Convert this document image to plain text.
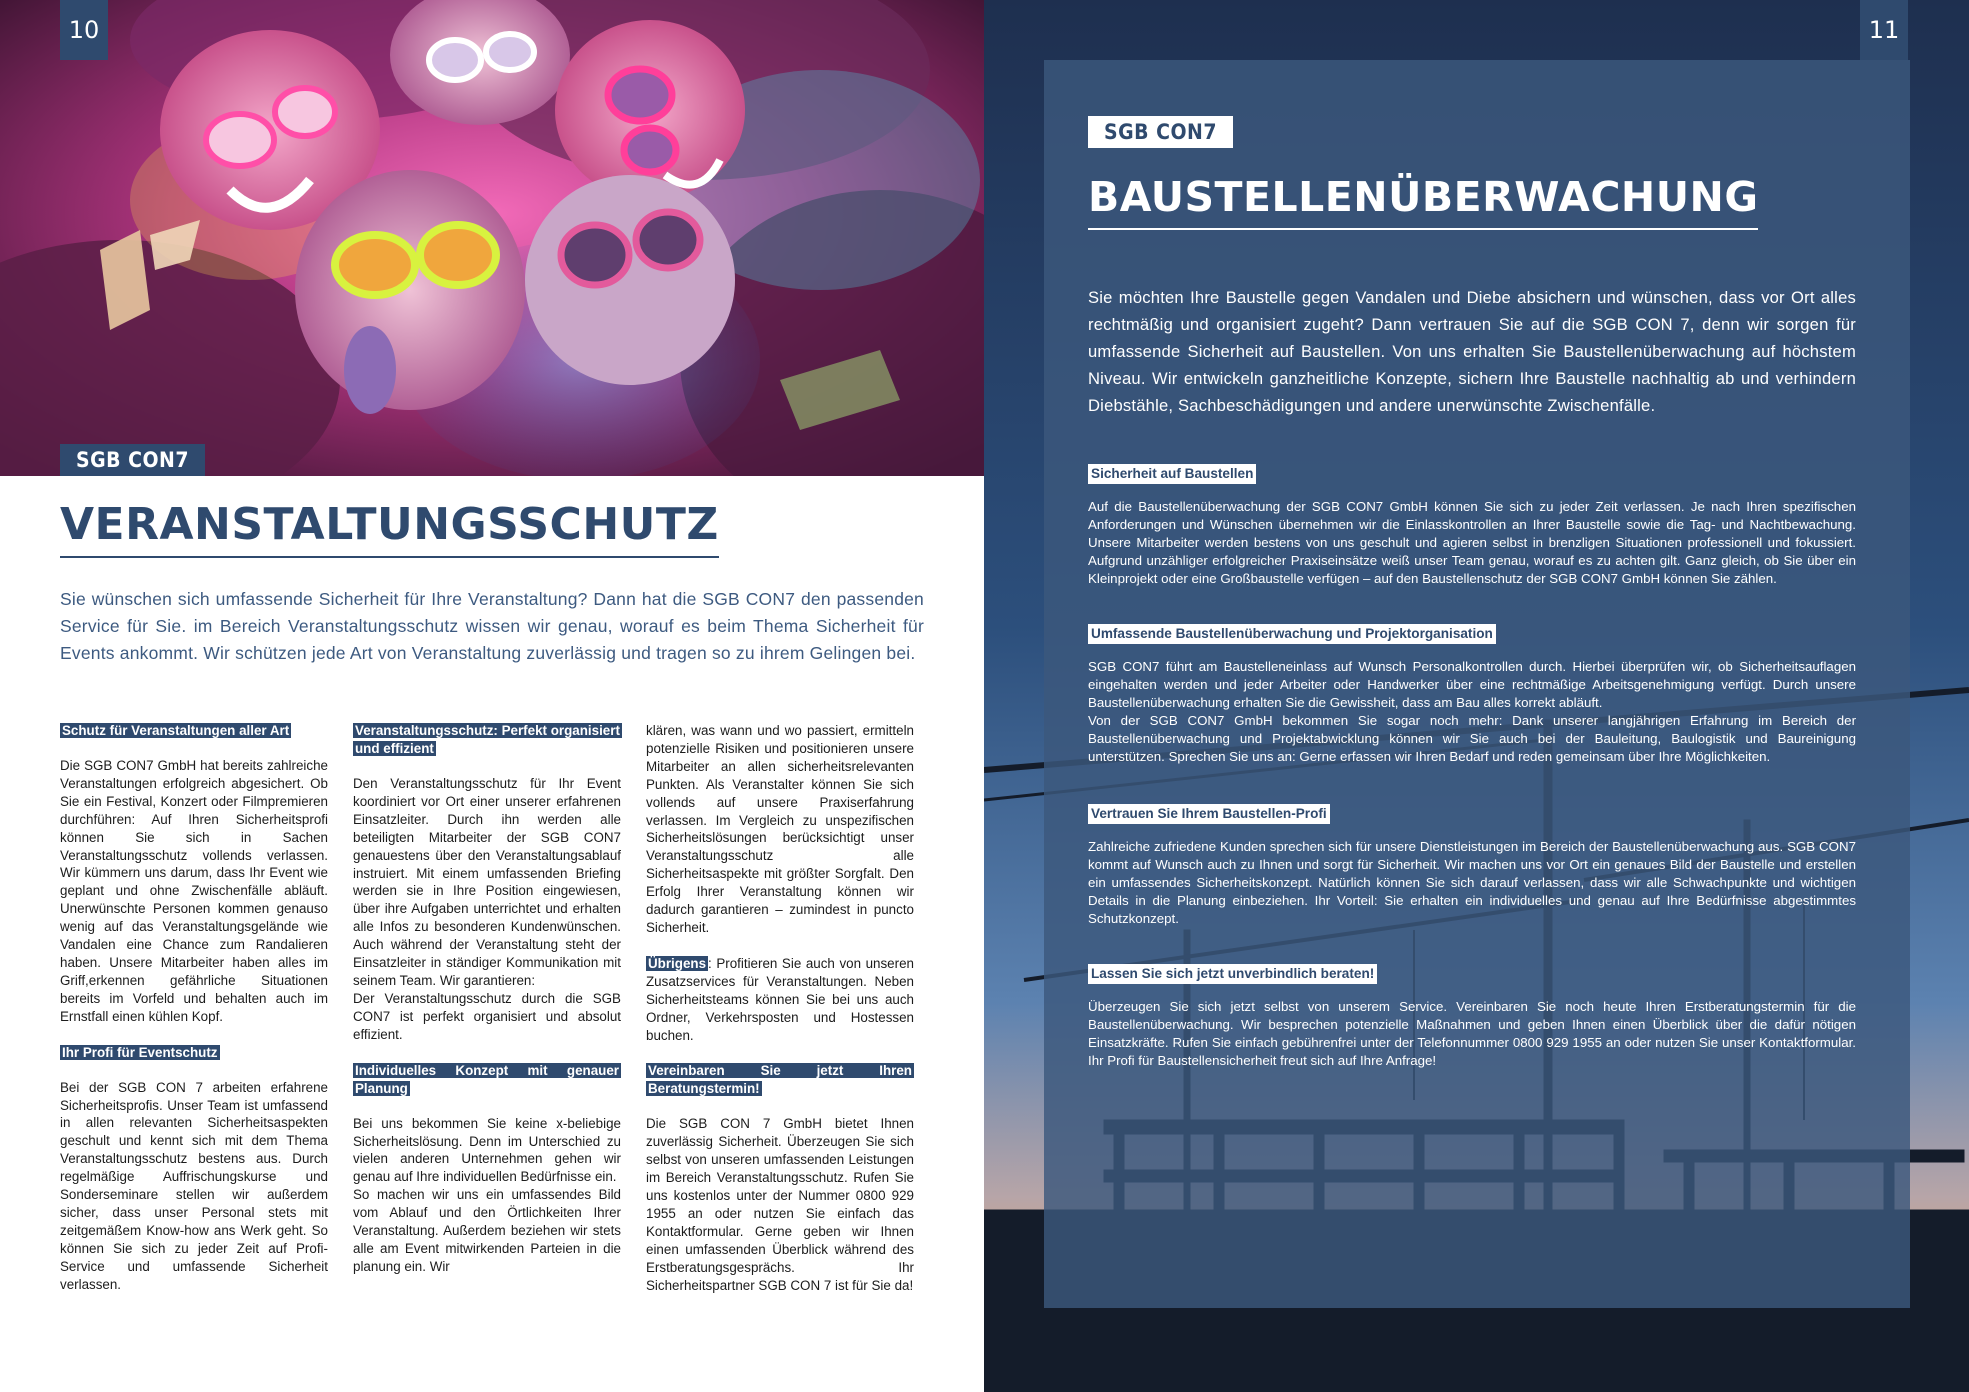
10
SGB CON7
VERANSTALTUNGSSCHUTZ

Sie wünschen sich umfassende Sicherheit für Ihre Veranstaltung? Dann hat die SGB CON7 den passenden Service für Sie. im Bereich Veranstaltungsschutz wissen wir genau, worauf es beim Thema Sicherheit für Events ankommt. Wir schützen jede Art von Veranstaltung zuverlässig und tragen so zu ihrem Gelingen bei.

Schutz für Veranstaltungen aller Art

Die SGB CON7 GmbH hat bereits zahlreiche Veranstaltungen erfolgreich abgesichert. Ob Sie ein Festival, Konzert oder Filmpremieren durchführen: Auf Ihren Sicherheitsprofi können Sie sich in Sachen Veranstaltungsschutz vollends verlassen. Wir kümmern uns darum, dass Ihr Event wie geplant und ohne Zwischenfälle abläuft. Unerwünschte Personen kommen genauso wenig auf das Veranstaltungsgelände wie Vandalen eine Chance zum Randalieren haben. Unsere Mitarbeiter haben alles im Griff,erkennen gefährliche Situationen bereits im Vorfeld und behalten auch im Ernstfall einen kühlen Kopf.

Ihr Profi für Eventschutz

Bei der SGB CON 7 arbeiten erfahrene Sicherheitsprofis. Unser Team ist umfassend in allen relevanten Sicherheitsaspekten geschult und kennt sich mit dem Thema Veranstaltungsschutz bestens aus. Durch regelmäßige Auffrischungskurse und Sonderseminare stellen wir außerdem sicher, dass unser Personal stets mit zeitgemäßem Know-how ans Werk geht. So können Sie sich zu jeder Zeit auf Profi-Service und umfassende Sicherheit verlassen.

Veranstaltungsschutz: Perfekt organisiert und effizient

Den Veranstaltungsschutz für Ihr Event koordiniert vor Ort einer unserer erfahrenen Einsatzleiter. Durch ihn werden alle beteiligten Mitarbeiter der SGB CON7 genauestens über den Veranstaltungsablauf instruiert. Mit einem umfassenden Briefing werden sie in Ihre Position eingewiesen, über ihre Aufgaben unterrichtet und erhalten alle Infos zu besonderen Kundenwünschen. Auch während der Veranstaltung steht der Einsatzleiter in ständiger Kommunikation mit seinem Team. Wir garantieren:

Der Veranstaltungsschutz durch die SGB CON7 ist perfekt organisiert und absolut effizient.

Individuelles Konzept mit genauer Planung

Bei uns bekommen Sie keine x-beliebige Sicherheitslösung. Denn im Unterschied zu vielen anderen Unternehmen gehen wir genau auf Ihre individuellen Bedürfnisse ein.

So machen wir uns ein umfassendes Bild vom Ablauf und den Örtlichkeiten Ihrer Veranstaltung. Außerdem beziehen wir stets alle am Event mitwirkenden Parteien in die planung ein. Wir

klären, was wann und wo passiert, ermitteln potenzielle Risiken und positionieren unsere Mitarbeiter an allen sicherheitsrelevanten Punkten. Als Veranstalter können Sie sich vollends auf unsere Praxiserfahrung verlassen. Im Vergleich zu unspezifischen Sicherheitslösungen berücksichtigt unser Veranstaltungsschutz alle Sicherheitsaspekte mit größter Sorgfalt. Den Erfolg Ihrer Veranstaltung können wir dadurch garantieren – zumindest in puncto Sicherheit.

Übrigens : Profitieren Sie auch von unseren Zusatzservices für Veranstaltungen. Neben Sicherheitsteams können Sie bei uns auch Ordner, Verkehrsposten und Hostessen buchen.

Vereinbaren Sie jetzt Ihren Beratungstermin!

Die SGB CON 7 GmbH bietet Ihnen zuverlässig Sicherheit. Überzeugen Sie sich selbst von unseren umfassenden Leistungen im Bereich Veranstaltungsschutz. Rufen Sie uns kostenlos unter der Nummer 0800 929 1955 an oder nutzen Sie einfach das Kontaktformular. Gerne geben wir Ihnen einen umfassenden Überblick während des Erstberatungsgesprächs. Ihr Sicherheitspartner SGB CON 7 ist für Sie da!

11
SGB CON7
BAUSTELLENÜBERWACHUNG

Sie möchten Ihre Baustelle gegen Vandalen und Diebe absichern und wünschen, dass vor Ort alles rechtmäßig und organisiert zugeht? Dann vertrauen Sie auf die SGB CON 7, denn wir sorgen für umfassende Sicherheit auf Baustellen. Von uns erhalten Sie Baustellenüberwachung auf höchstem Niveau. Wir entwickeln ganzheitliche Konzepte, sichern Ihre Baustelle nachhaltig ab und verhindern Diebstähle, Sachbeschädigungen und andere unerwünschte Zwischenfälle.

Sicherheit auf Baustellen

Auf die Baustellenüberwachung der SGB CON7 GmbH können Sie sich zu jeder Zeit verlassen. Je nach Ihren spezifischen Anforderungen und Wünschen übernehmen wir die Einlasskontrollen an Ihrer Baustelle sowie die Tag- und Nachtbewachung. Unsere Mitarbeiter werden bestens von uns geschult und agieren selbst in brenzligen Situationen professionell und fokussiert. Aufgrund unzähliger erfolgreicher Praxiseinsätze weiß unser Team genau, worauf es zu achten gilt. Ganz gleich, ob Sie über ein Kleinprojekt oder eine Großbaustelle verfügen – auf den Baustellenschutz der SGB CON7 GmbH können Sie zählen.

Umfassende Baustellenüberwachung und Projektorganisation

SGB CON7 führt am Baustelleneinlass auf Wunsch Personalkontrollen durch. Hierbei überprüfen wir, ob Sicherheitsauflagen eingehalten werden und jeder Arbeiter oder Handwerker über eine rechtmäßige Arbeitsgenehmigung verfügt. Durch unsere Baustellenüberwachung erhalten Sie die Gewissheit, dass am Bau alles korrekt abläuft.

Von der SGB CON7 GmbH bekommen Sie sogar noch mehr: Dank unserer langjährigen Erfahrung im Bereich der Baustellenüberwachung und Projektabwicklung können wir Sie auch bei der Bauleitung, Baulogistik und Baureinigung unterstützen. Sprechen Sie uns an: Gerne erfassen wir Ihren Bedarf und reden gemeinsam über Ihre Möglichkeiten.

Vertrauen Sie Ihrem Baustellen-Profi

Zahlreiche zufriedene Kunden sprechen sich für unsere Dienstleistungen im Bereich der Baustellenüberwachung aus. SGB CON7 kommt auf Wunsch auch zu Ihnen und sorgt für Sicherheit. Wir machen uns vor Ort ein genaues Bild der Baustelle und erstellen ein umfassendes Sicherheitskonzept. Natürlich können Sie sich darauf verlassen, dass wir alle Schwachpunkte und wichtigen Details in die Planung einbeziehen. Ihr Vorteil: Sie erhalten ein individuelles und genau auf Ihre Bedürfnisse abgestimmtes Schutzkonzept.

Lassen Sie sich jetzt unverbindlich beraten!

Überzeugen Sie sich jetzt selbst von unserem Service. Vereinbaren Sie noch heute Ihren Erstberatungstermin für die Baustellenüberwachung. Wir besprechen potenzielle Maßnahmen und geben Ihnen einen Überblick über die dafür nötigen Einsatzkräfte. Rufen Sie einfach gebührenfrei unter der Telefonnummer 0800 929 1955 an oder nutzen Sie unser Kontaktformular. Ihr Profi für Baustellensicherheit freut sich auf Ihre Anfrage!
